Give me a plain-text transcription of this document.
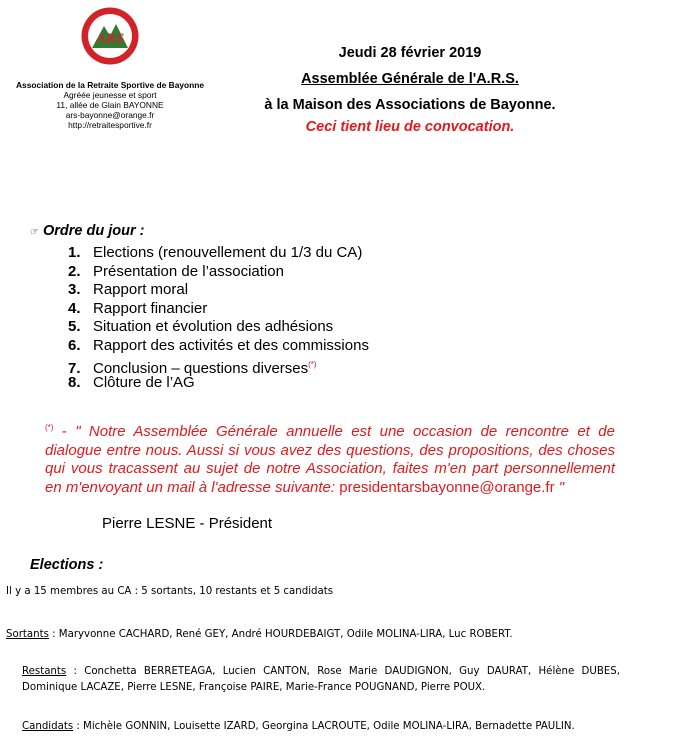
ARS
Association de la Retraite Sportive de Bayonne
Agréée jeunesse et sport
11, allée de Glain BAYONNE
ars-bayonne@orange.fr
http://retraitesportive.fr
Jeudi 28 février 2019
Assemblée Générale de l'A.R.S.
à la Maison des Associations de Bayonne.
Ceci tient lieu de convocation.
☞ Ordre du jour :
1. Elections (renouvellement du 1/3 du CA)
2. Présentation de l’association
3. Rapport moral
4. Rapport financier
5. Situation et évolution des adhésions
6. Rapport des activités et des commissions
7. Conclusion – questions diverses(*)
8. Clôture de l’AG

(*) - " Notre Assemblée Générale annuelle est une occasion de rencontre et de dialogue entre nous. Aussi si vous avez des questions, des propositions, des choses qui vous tracassent au sujet de notre Association, faites m'en part personnellement en m'envoyant un mail à l'adresse suivante: presidentarsbayonne@orange.fr "

Pierre LESNE - Président
Elections :
Il y a 15 membres au CA : 5 sortants, 10 restants et 5 candidats
Sortants : Maryvonne CACHARD, René GEY, André HOURDEBAIGT, Odile MOLINA-LIRA, Luc ROBERT.
Restants : Conchetta BERRETEAGA, Lucien CANTON, Rose Marie DAUDIGNON, Guy DAURAT, Hélène DUBES, Dominique LACAZE, Pierre LESNE, Françoise PAIRE, Marie-France POUGNAND, Pierre POUX.
Candidats : Michèle GONNIN, Louisette IZARD, Georgina LACROUTE, Odile MOLINA-LIRA, Bernadette PAULIN.
